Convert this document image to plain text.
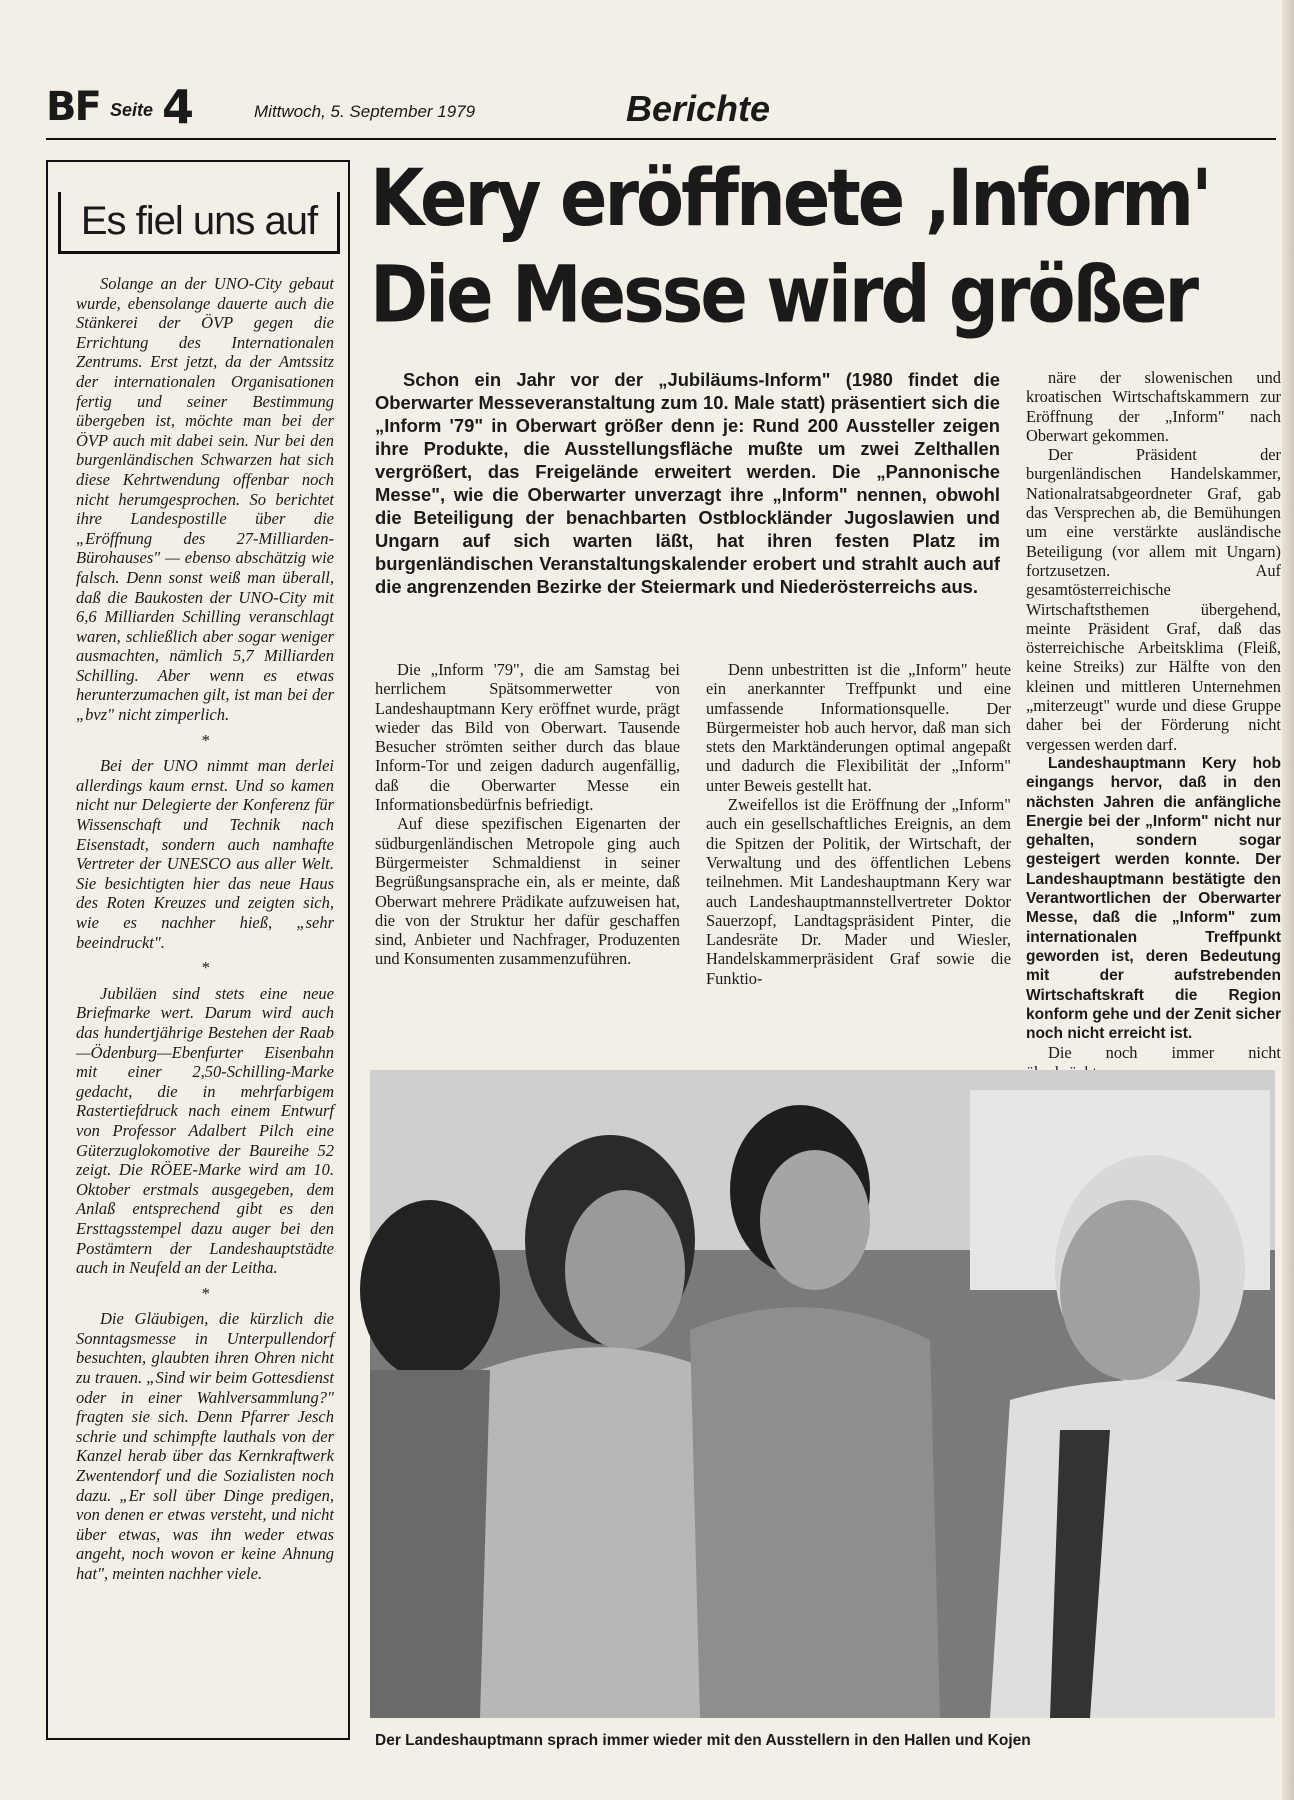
BF Seite 4	Mittwoch, 5. September 1979	Berichte
Es fiel uns auf

Solange an der UNO-City gebaut wurde, ebensolange dauerte auch die Stänkerei der ÖVP gegen die Errichtung des Internationalen Zentrums. Erst jetzt, da der Amtssitz der internationalen Organisationen fertig und seiner Bestimmung übergeben ist, möchte man bei der ÖVP auch mit dabei sein. Nur bei den burgenländischen Schwarzen hat sich diese Kehrtwendung offenbar noch nicht herumgesprochen. So berichtet ihre Landespostille über die „Eröffnung des 27-Milliarden-Bürohauses" — ebenso abschätzig wie falsch. Denn sonst weiß man überall, daß die Baukosten der UNO-City mit 6,6 Milliarden Schilling veranschlagt waren, schließlich aber sogar weniger ausmachten, nämlich 5,7 Milliarden Schilling. Aber wenn es etwas herunterzumachen gilt, ist man bei der „bvz" nicht zimperlich.

*

Bei der UNO nimmt man derlei allerdings kaum ernst. Und so kamen nicht nur Delegierte der Konferenz für Wissenschaft und Technik nach Eisenstadt, sondern auch namhafte Vertreter der UNESCO aus aller Welt. Sie besichtigten hier das neue Haus des Roten Kreuzes und zeigten sich, wie es nachher hieß, „sehr beeindruckt".

*

Jubiläen sind stets eine neue Briefmarke wert. Darum wird auch das hundertjährige Bestehen der Raab—Ödenburg—Ebenfurter Eisenbahn mit einer 2,50-Schilling-Marke gedacht, die in mehrfarbigem Rastertiefdruck nach einem Entwurf von Professor Adalbert Pilch eine Güterzuglokomotive der Baureihe 52 zeigt. Die RÖEE-Marke wird am 10. Oktober erstmals ausgegeben, dem Anlaß entsprechend gibt es den Ersttagsstempel dazu auger bei den Postämtern der Landeshauptstädte auch in Neufeld an der Leitha.

*

Die Gläubigen, die kürzlich die Sonntagsmesse in Unterpullendorf besuchten, glaubten ihren Ohren nicht zu trauen. „Sind wir beim Gottesdienst oder in einer Wahlversammlung?" fragten sie sich. Denn Pfarrer Jesch schrie und schimpfte lauthals von der Kanzel herab über das Kernkraftwerk Zwentendorf und die Sozialisten noch dazu. „Er soll über Dinge predigen, von denen er etwas versteht, und nicht über etwas, was ihn weder etwas angeht, noch wovon er keine Ahnung hat", meinten nachher viele.

Kery eröffnete ‚Inform'
Die Messe wird größer

Schon ein Jahr vor der „Jubiläums-Inform" (1980 findet die Oberwarter Messeveranstaltung zum 10. Male statt) präsentiert sich die „Inform '79" in Oberwart größer denn je: Rund 200 Aussteller zeigen ihre Produkte, die Ausstellungsfläche mußte um zwei Zelthallen vergrößert, das Freigelände erweitert werden. Die „Pannonische Messe", wie die Oberwarter unverzagt ihre „Inform" nennen, obwohl die Beteiligung der benachbarten Ostblockländer Jugoslawien und Ungarn auf sich warten läßt, hat ihren festen Platz im burgenländischen Veranstaltungskalender erobert und strahlt auch auf die angrenzenden Bezirke der Steiermark und Niederösterreichs aus.

Die „Inform '79", die am Samstag bei herrlichem Spätsommerwetter von Landeshauptmann Kery eröffnet wurde, prägt wieder das Bild von Oberwart. Tausende Besucher strömten seither durch das blaue Inform-Tor und zeigen dadurch augenfällig, daß die Oberwarter Messe ein Informationsbedürfnis befriedigt.

Auf diese spezifischen Eigenarten der südburgenländischen Metropole ging auch Bürgermeister Schmaldienst in seiner Begrüßungsansprache ein, als er meinte, daß Oberwart mehrere Prädikate aufzuweisen hat, die von der Struktur her dafür geschaffen sind, Anbieter und Nachfrager, Produzenten und Konsumenten zusammenzuführen.

Denn unbestritten ist die „Inform" heute ein anerkannter Treffpunkt und eine umfassende Informationsquelle. Der Bürgermeister hob auch hervor, daß man sich stets den Marktänderungen optimal angepaßt und dadurch die Flexibilität der „Inform" unter Beweis gestellt hat.

Zweifellos ist die Eröffnung der „Inform" auch ein gesellschaftliches Ereignis, an dem die Spitzen der Politik, der Wirtschaft, der Verwaltung und des öffentlichen Lebens teilnehmen. Mit Landeshauptmann Kery war auch Landeshauptmannstellvertreter Doktor Sauerzopf, Landtagspräsident Pinter, die Landesräte Dr. Mader und Wiesler, Handelskammerpräsident Graf sowie die Funktio-

näre der slowenischen und kroatischen Wirtschaftskammern zur Eröffnung der „Inform" nach Oberwart gekommen.

Der Präsident der burgenländischen Handelskammer, Nationalratsabgeordneter Graf, gab das Versprechen ab, die Bemühungen um eine verstärkte ausländische Beteiligung (vor allem mit Ungarn) fortzusetzen. Auf gesamtösterreichische Wirtschaftsthemen übergehend, meinte Präsident Graf, daß das österreichische Arbeitsklima (Fleiß, keine Streiks) zur Hälfte von den kleinen und mittleren Unternehmen „miterzeugt" wurde und diese Gruppe daher bei der Förderung nicht vergessen werden darf.

Landeshauptmann Kery hob eingangs hervor, daß in den nächsten Jahren die anfängliche Energie bei der „Inform" nicht nur gehalten, sondern sogar gesteigert werden konnte. Der Landeshauptmann bestätigte den Verantwortlichen der Oberwarter Messe, daß die „Inform" zum internationalen Treffpunkt geworden ist, deren Bedeutung mit der aufstrebenden Wirtschaftskraft die Region konform gehe und der Zenit sicher noch nicht erreicht ist.

Die noch immer nicht

Der Landeshauptmann sprach immer wieder mit den Ausstellern in den Hallen und Kojen
